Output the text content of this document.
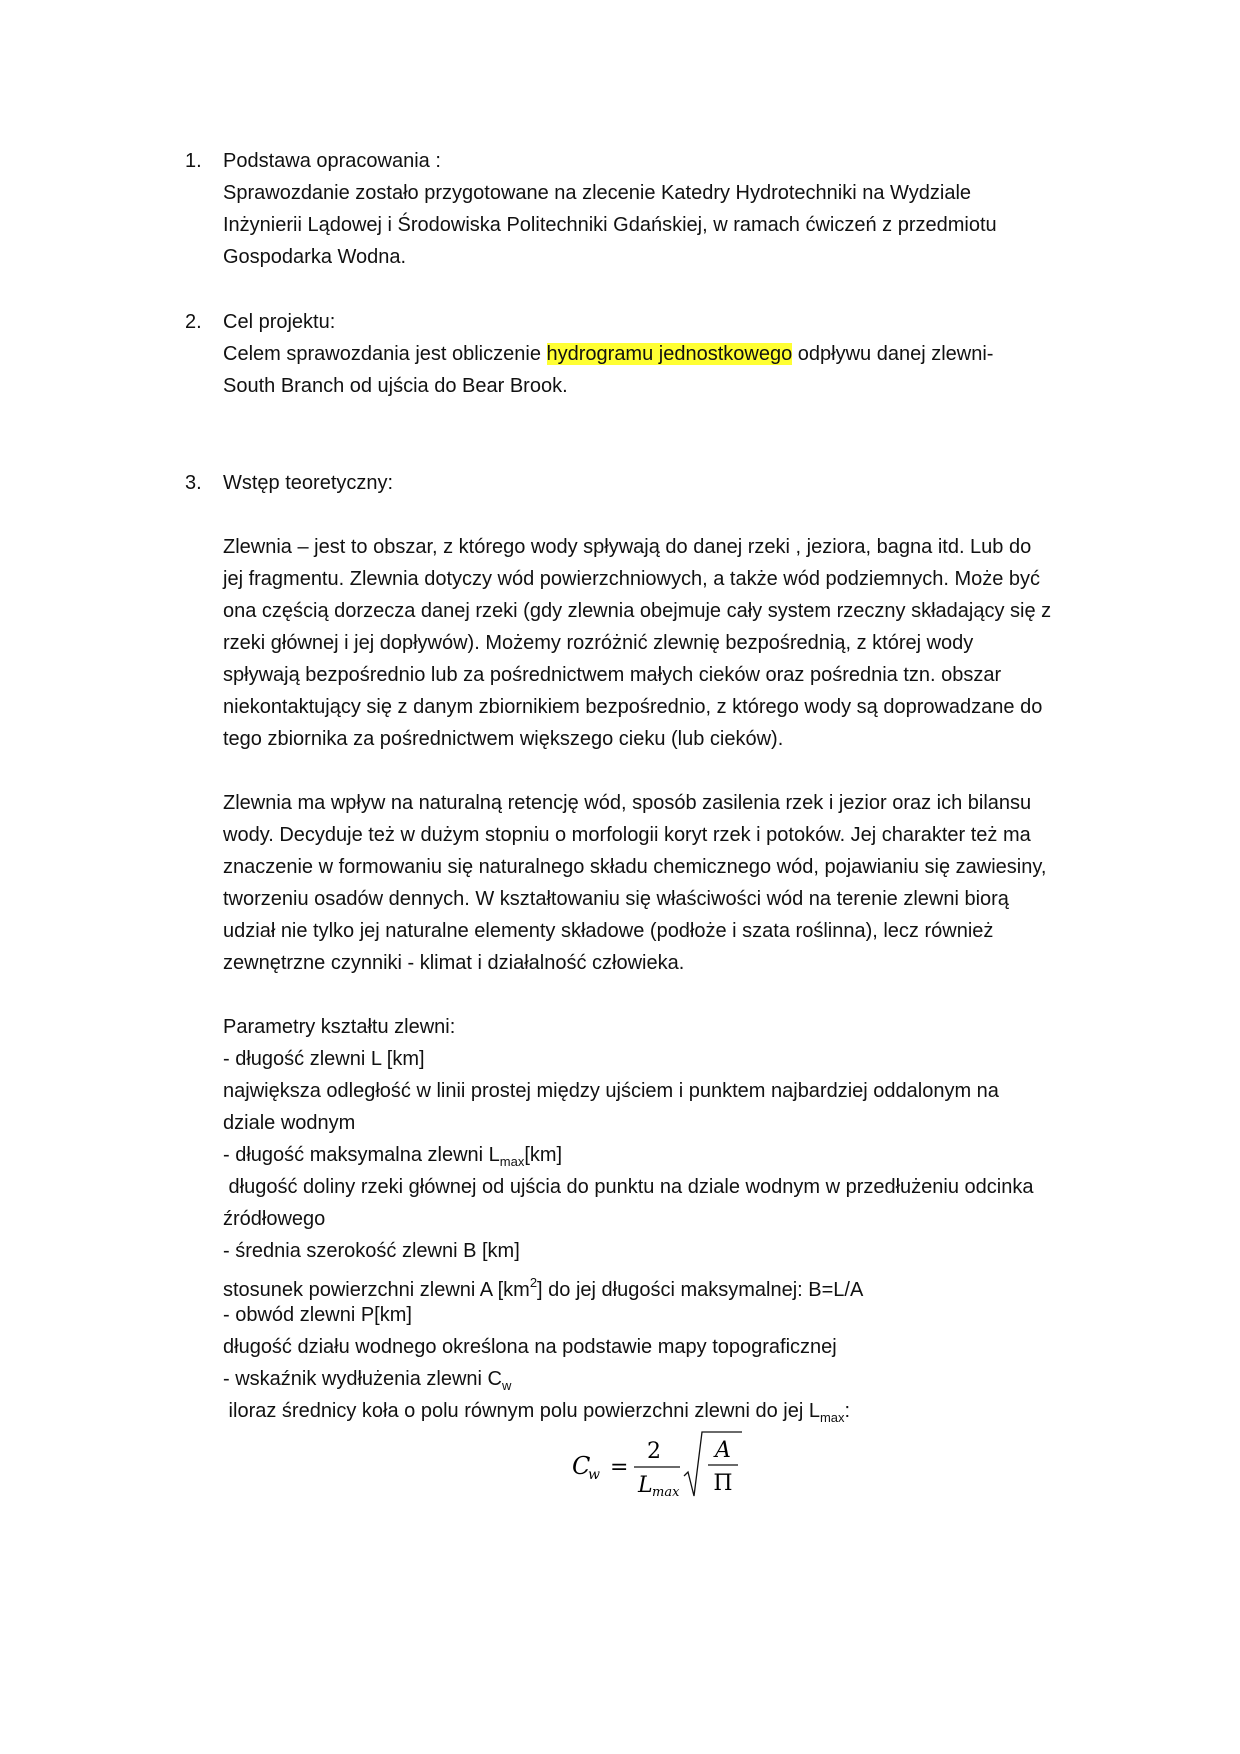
1.	Podstawa opracowania :
Sprawozdanie zostało przygotowane na zlecenie Katedry Hydrotechniki na Wydziale
Inżynierii Lądowej i Środowiska Politechniki Gdańskiej, w ramach ćwiczeń z przedmiotu
Gospodarka Wodna.
2.	Cel projektu:
Celem sprawozdania jest obliczenie hydrogramu jednostkowego odpływu danej zlewni-
South Branch od ujścia do Bear Brook.
3.	Wstęp teoretyczny:
Zlewnia – jest to obszar, z którego wody spływają do danej rzeki , jeziora, bagna itd. Lub do
jej fragmentu. Zlewnia dotyczy wód powierzchniowych, a także wód podziemnych. Może być
ona częścią dorzecza danej rzeki (gdy zlewnia obejmuje cały system rzeczny składający się z
rzeki głównej i jej dopływów). Możemy rozróżnić zlewnię bezpośrednią, z której wody
spływają bezpośrednio lub za pośrednictwem małych cieków oraz pośrednia tzn. obszar
niekontaktujący się z danym zbiornikiem bezpośrednio, z którego wody są doprowadzane do
tego zbiornika za pośrednictwem większego cieku (lub cieków).
Zlewnia ma wpływ na naturalną retencję wód, sposób zasilenia rzek i jezior oraz ich bilansu
wody. Decyduje też w dużym stopniu o morfologii koryt rzek i potoków. Jej charakter też ma
znaczenie w formowaniu się naturalnego składu chemicznego wód, pojawianiu się zawiesiny,
tworzeniu osadów dennych. W kształtowaniu się właściwości wód na terenie zlewni biorą
udział nie tylko jej naturalne elementy składowe (podłoże i szata roślinna), lecz również
zewnętrzne czynniki - klimat i działalność człowieka.
Parametry kształtu zlewni:
- długość zlewni L [km]
największa odległość w linii prostej między ujściem i punktem najbardziej oddalonym na
dziale wodnym
- długość maksymalna zlewni $L_{max}[km]$
długość doliny rzeki głównej od ujścia do punktu na dziale wodnym w przedłużeniu odcinka
źródłowego
- średnia szerokość zlewni B [km]
stosunek powierzchni zlewni A $[km^2]$ do jej długości maksymalnej: B=L/A
- obwód zlewni P[km]
długość działu wodnego określona na podstawie mapy topograficznej
- wskaźnik wydłużenia zlewni $C_w$
iloraz średnicy koła o polu równym polu powierzchni zlewni do jej $L_{max}$:
C
w =
2
L max
A
Π
